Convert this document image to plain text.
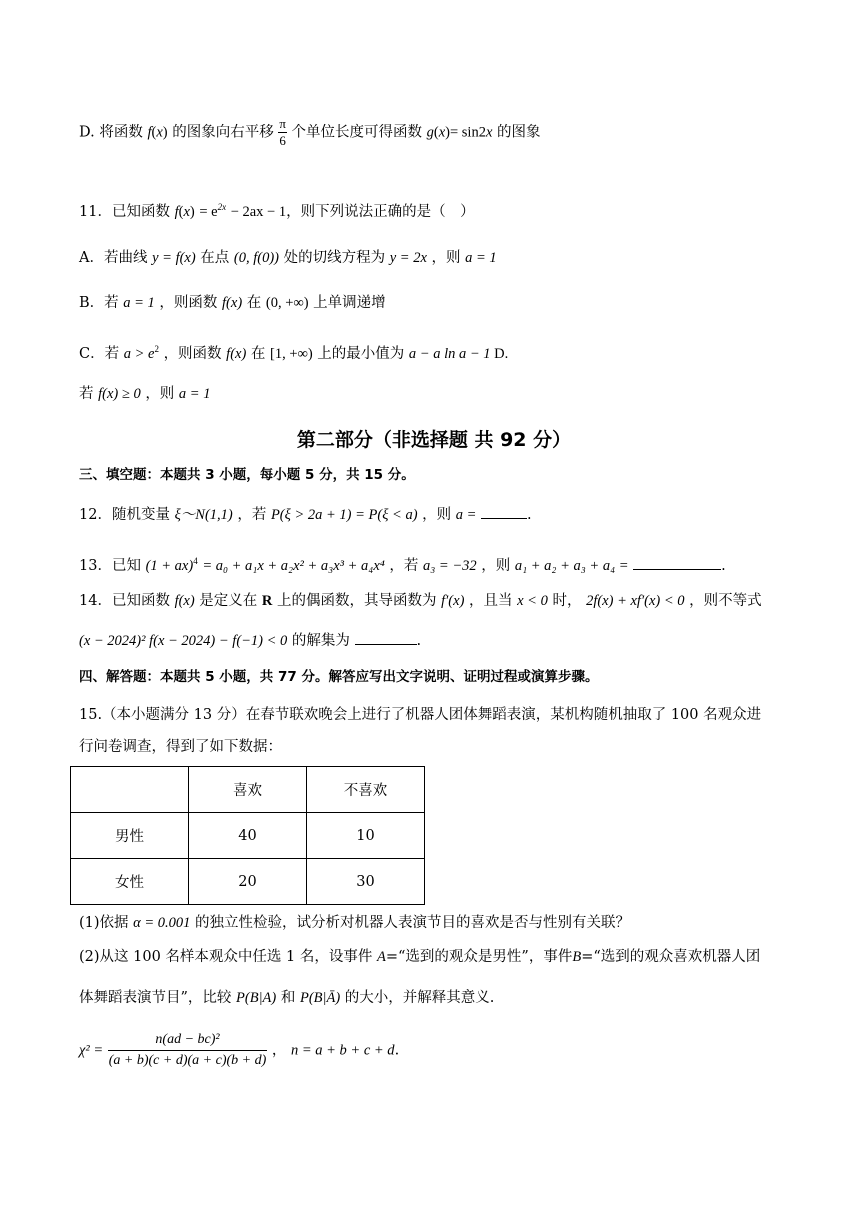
D. 将函数 f(x) 的图象向右平移 $\frac{\pi}{6}$ 个单位长度可得函数 g(x)= sin2x 的图象
11．已知函数 $f(x) = e^{2x} - 2ax - 1$，则下列说法正确的是（　）
A．若曲线 y = f(x) 在点 (0, f(0)) 处的切线方程为 y = 2x ，则 a = 1
B．若 a = 1 ，则函数 f(x) 在 (0, +∞) 上单调递增
C．若 $a > e^2$ ，则函数 f(x) 在 [1, +∞) 上的最小值为 a − a ln a − 1 D.
若 f(x) ≥ 0 ，则 a = 1
第二部分（非选择题 共 92 分）
三、填空题：本题共 3 小题，每小题 5 分，共 15 分。
12．随机变量 ξ～N(1,1) ，若 P(ξ > 2a + 1) = P(ξ < a) ，则 a =	.
13．已知 (1 + ax)$^4$ = a₀ + a₁x + a₂x² + a₃x³ + a₄x⁴ ，若 a₃ = −32 ，则 a₁ + a₂ + a₃ + a₄ =	.
14．已知函数 f(x) 是定义在 R 上的偶函数，其导函数为 f′(x) ，且当 x < 0 时， 2f(x) + xf′(x) < 0 ，则不等式
(x − 2024)² f(x − 2024) − f(−1) < 0 的解集为	.
四、解答题：本题共 5 小题，共 77 分。解答应写出文字说明、证明过程或演算步骤。
15.（本小题满分 13 分）在春节联欢晚会上进行了机器人团体舞蹈表演，某机构随机抽取了 100 名观众进
行问卷调查，得到了如下数据：
	喜欢	不喜欢
男性	40	10
女性	20	30
(1)依据 α = 0.001 的独立性检验，试分析对机器人表演节目的喜欢是否与性别有关联？
(2)从这 100 名样本观众中任选 1 名，设事件 A=“选到的观众是男性”，事件B=“选到的观众喜欢机器人团
体舞蹈表演节目”，比较 P(B|A) 和 P(B|Ā) 的大小，并解释其意义.
$\chi^2 = \frac{\text{n(ad − bc)²}}{(a + b)(c + d)(a + c)(b + d)}$ ， n = a + b + c + d.
